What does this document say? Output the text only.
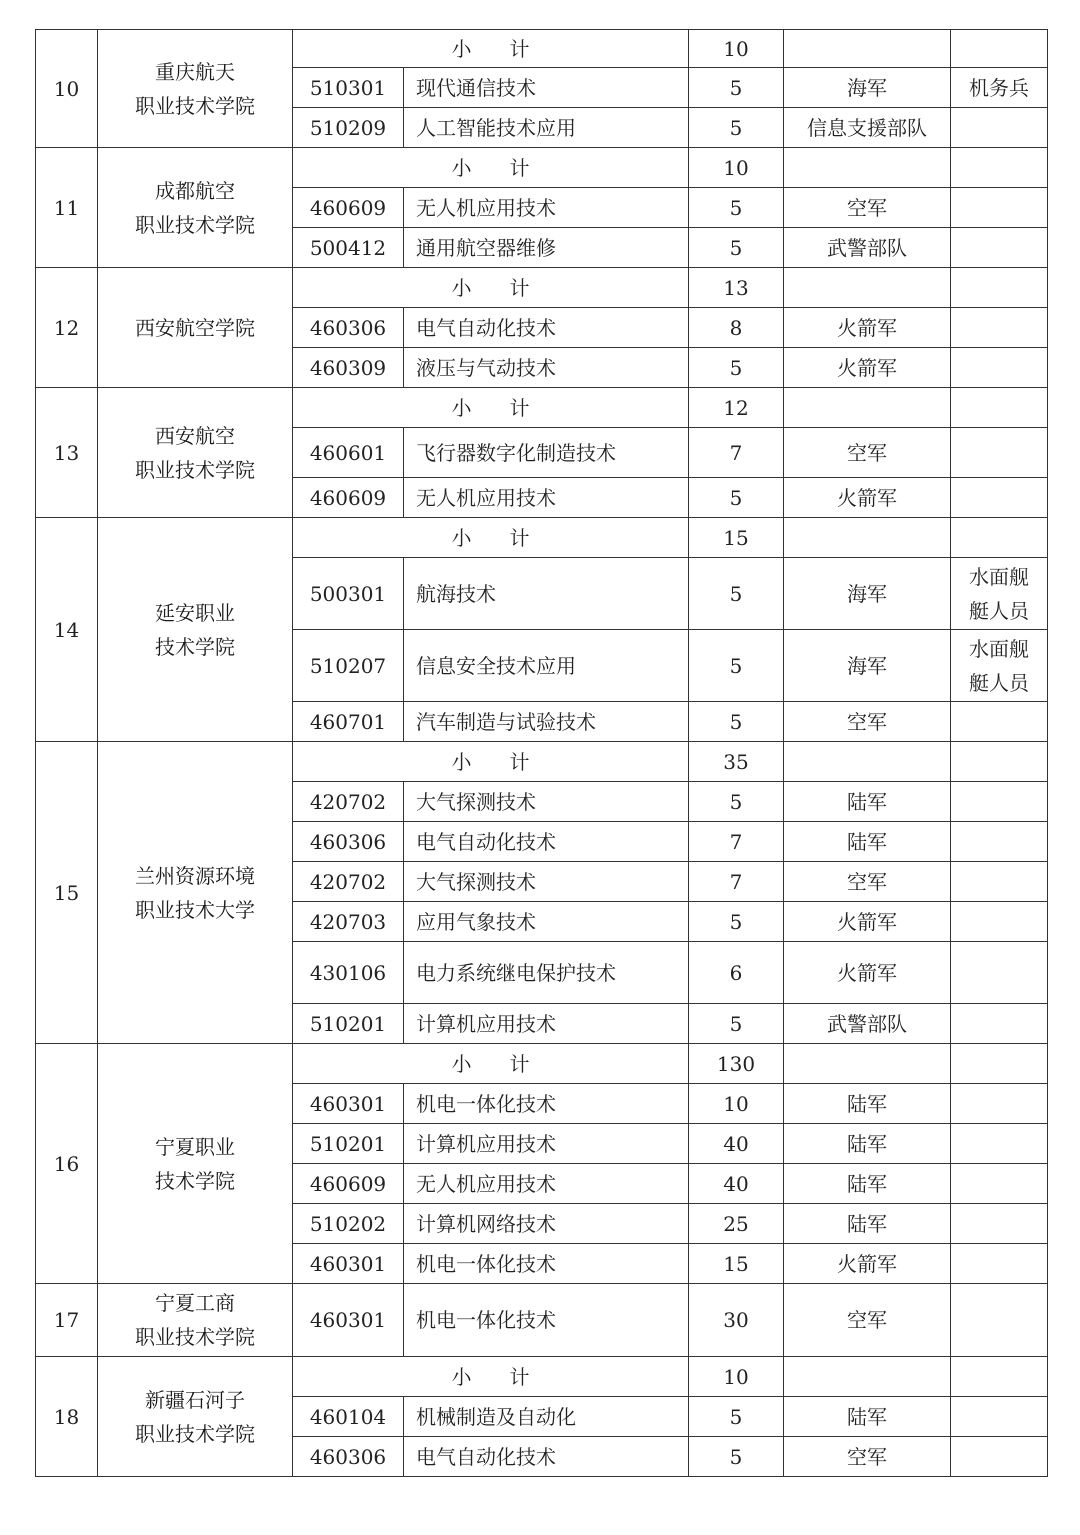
10	重庆航天
职业技术学院	小 计		10		
		510301	现代通信技术	5	海军	机务兵

		510209	人工智能技术应用	5	信息支援部队	
11	成都航空
职业技术学院	小 计		10		
		460609	无人机应用技术	5	空军	
		500412	通用航空器维修	5	武警部队	
12	西安航空学院	小 计		13		
		460306	电气自动化技术	8	火箭军	
		460309	液压与气动技术	5	火箭军	
13	西安航空
职业技术学院	小 计		12		
		460601	飞行器数字化制造技术	7	空军	
		460609	无人机应用技术	5	火箭军	
14	延安职业
技术学院	小 计		15		
		500301	航海技术	5	海军	水面舰
艇人员

		510207	信息安全技术应用	5	海军	水面舰
艇人员

		460701	汽车制造与试验技术	5	空军	
15	兰州资源环境
职业技术大学	小 计		35		
		420702	大气探测技术	5	陆军	
		460306	电气自动化技术	7	陆军	
		420702	大气探测技术	7	空军	
		420703	应用气象技术	5	火箭军	
		430106	电力系统继电保护技术	6	火箭军	
		510201	计算机应用技术	5	武警部队	
16	宁夏职业
技术学院	小 计		130		
		460301	机电一体化技术	10	陆军	
		510201	计算机应用技术	40	陆军	
		460609	无人机应用技术	40	陆军	
		510202	计算机网络技术	25	陆军	
		460301	机电一体化技术	15	火箭军	
17	宁夏工商
职业技术学院	460301	机电一体化技术	30	空军	
18	新疆石河子
职业技术学院	小 计		10		
		460104	机械制造及自动化	5	陆军	
		460306	电气自动化技术	5	空军	
